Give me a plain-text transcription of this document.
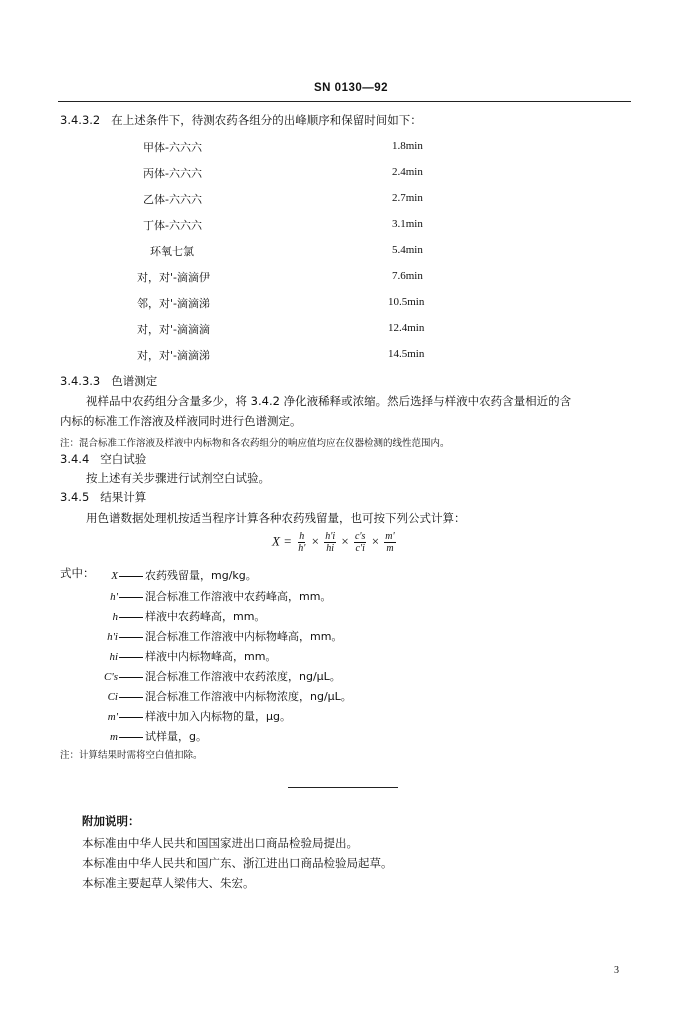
SN 0130—92
3.4.3.2 在上述条件下，待测农药各组分的出峰顺序和保留时间如下：
甲体-六六六	1.8min
丙体-六六六	2.4min
乙体-六六六	2.7min
丁体-六六六	3.1min
环氧七氯	5.4min
对，对'-滴滴伊	7.6min
邻，对'-滴滴涕	10.5min
对，对'-滴滴滴	12.4min
对，对'-滴滴涕	14.5min
3.4.3.3 色谱测定
视样品中农药组分含量多少，将 3.4.2 净化液稀释或浓缩。然后选择与样液中农药含量相近的含
内标的标准工作溶液及样液同时进行色谱测定。
注：混合标准工作溶液及样液中内标物和各农药组分的响应值均应在仪器检测的线性范围内。
3.4.4 空白试验
按上述有关步骤进行试剂空白试验。
3.4.5 结果计算
用色谱数据处理机按适当程序计算各种农药残留量，也可按下列公式计算：
$X = \frac{h}{h'} \times \frac{h'i}{hi} \times \frac{c's}{c'i} \times \frac{m'}{m}$
式中：	X 农药残留量，mg/kg。
h' 混合标准工作溶液中农药峰高，mm。
h 样液中农药峰高，mm。
h'i 混合标准工作溶液中内标物峰高，mm。
hi 样液中内标物峰高，mm。
C's 混合标准工作溶液中农药浓度，ng/μL。
Ci 混合标准工作溶液中内标物浓度，ng/μL。
m' 样液中加入内标物的量，μg。
m 试样量，g。
注：计算结果时需将空白值扣除。
附加说明：
本标准由中华人民共和国国家进出口商品检验局提出。
本标准由中华人民共和国广东、浙江进出口商品检验局起草。
本标准主要起草人梁伟大、朱宏。
3
